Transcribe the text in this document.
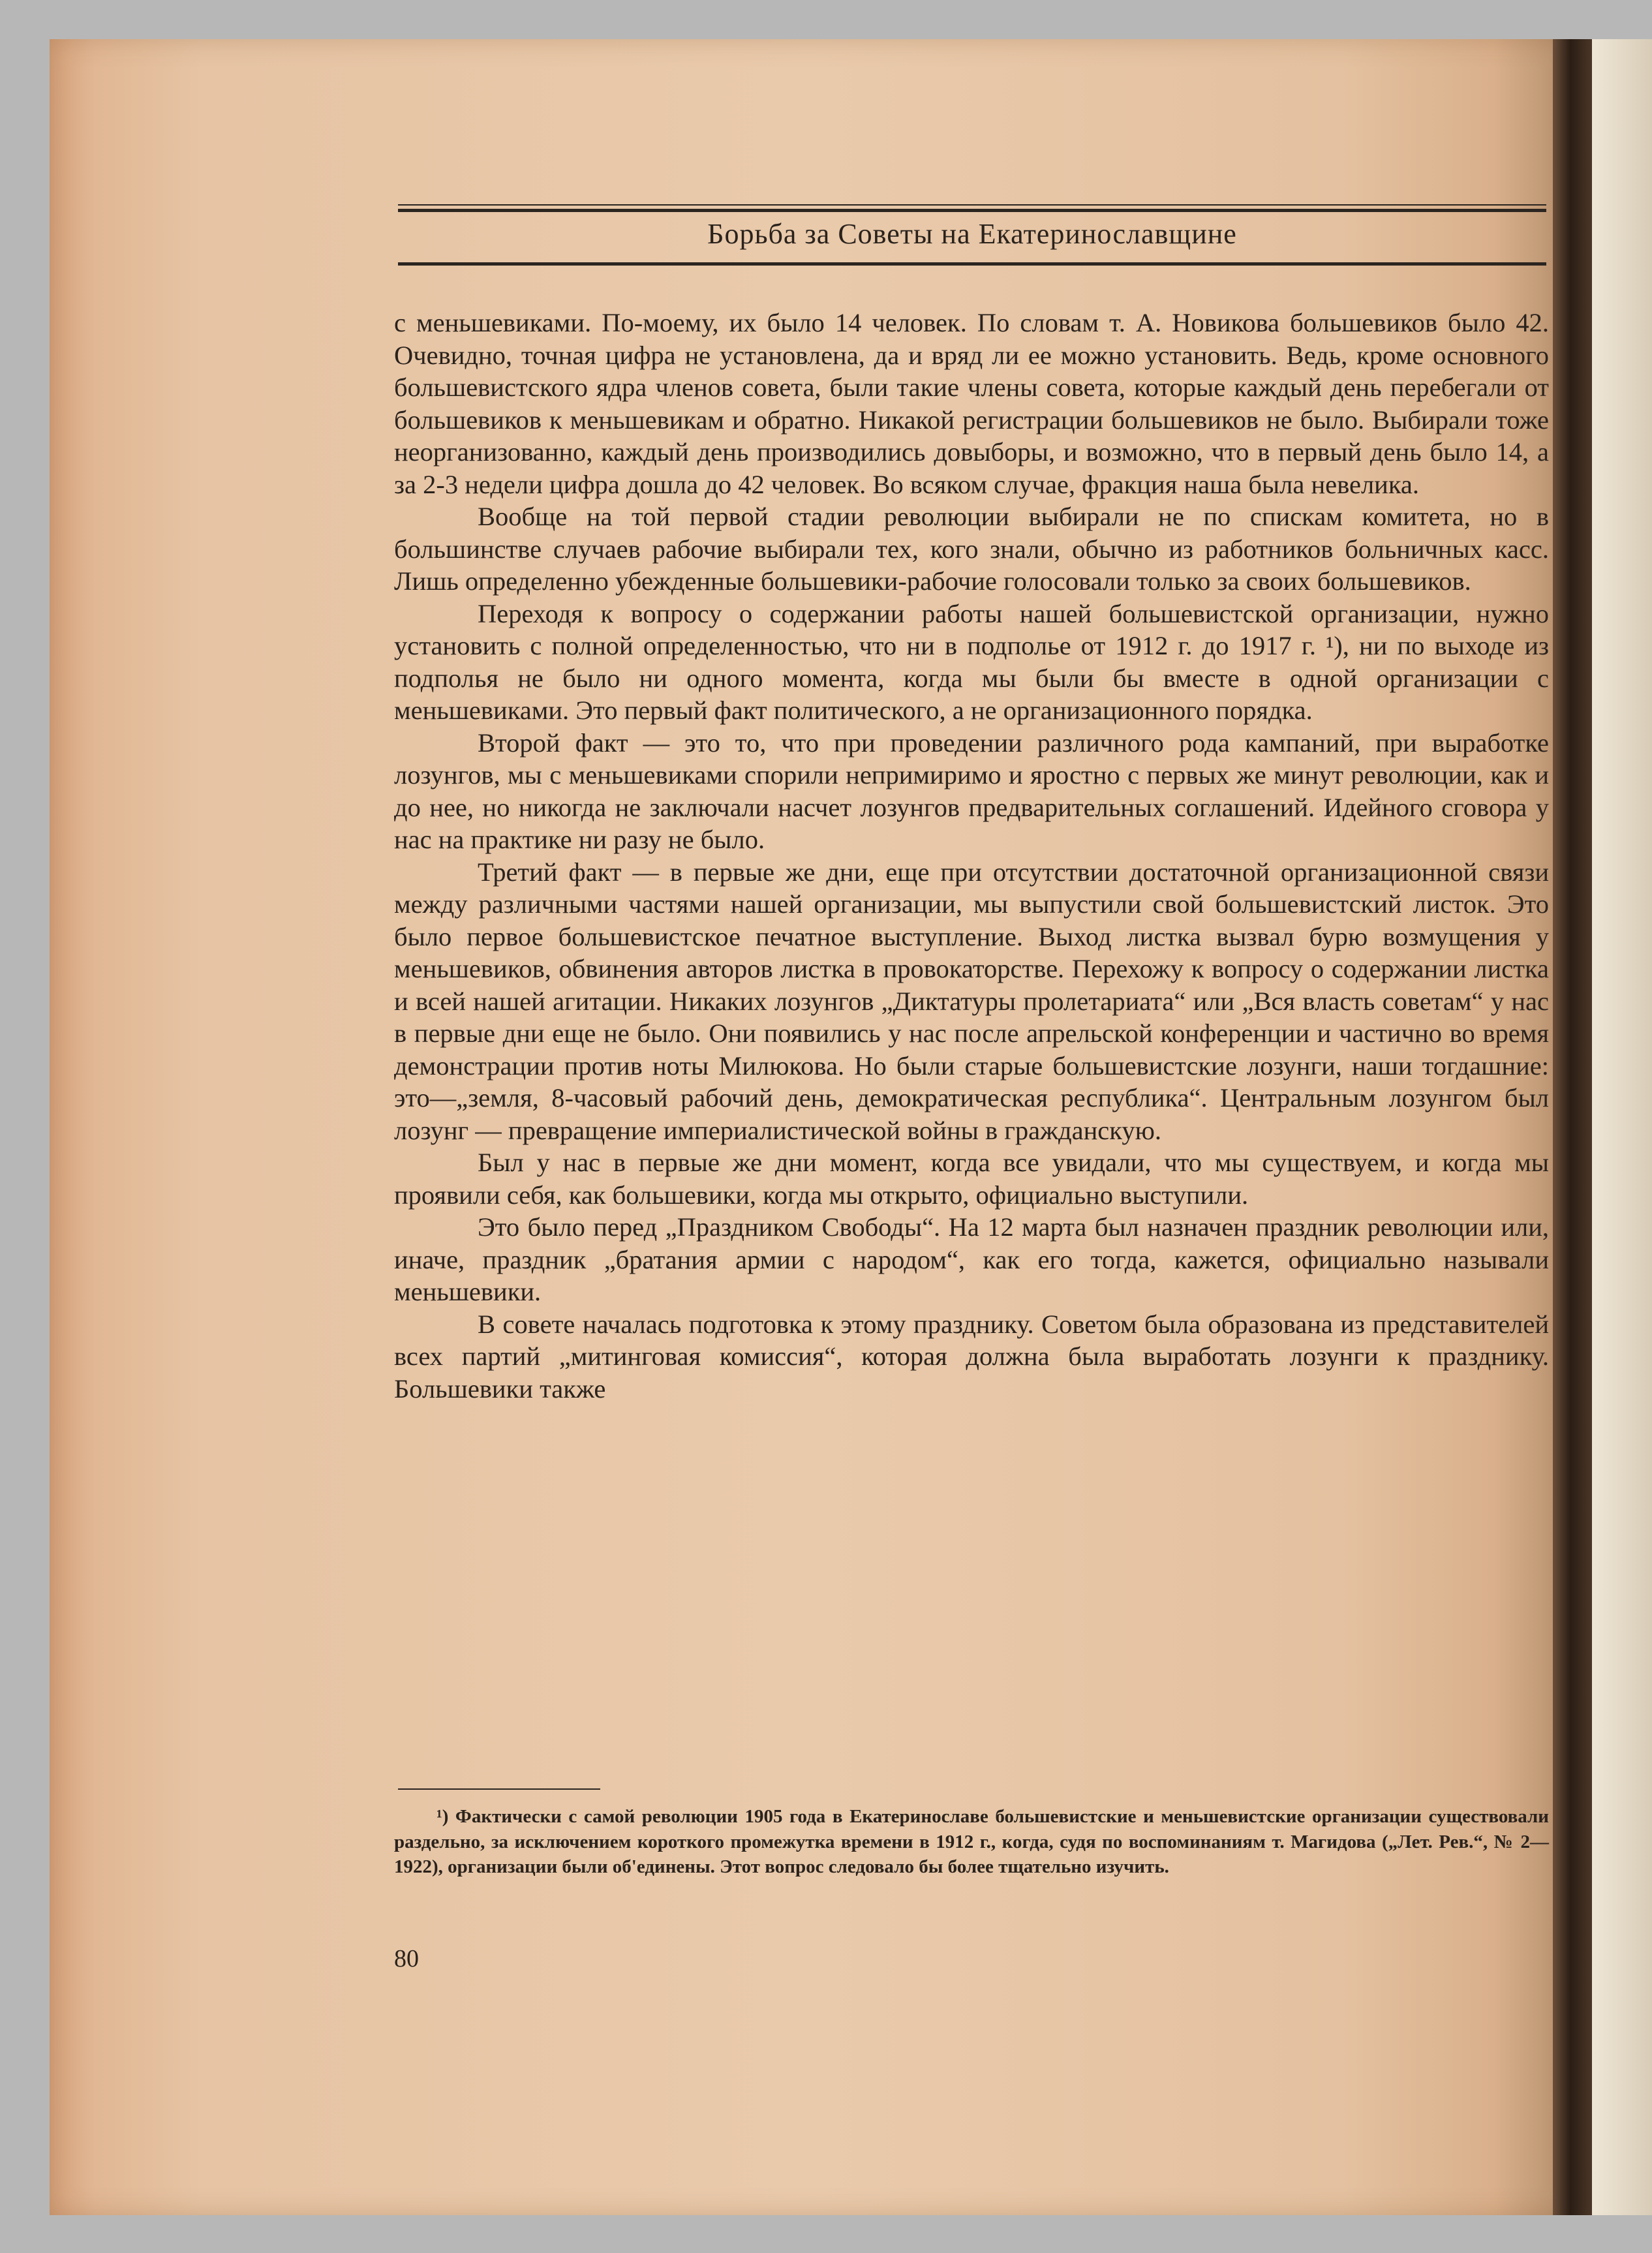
Борьба за Советы на Екатеринославщине

с меньшевиками. По-моему, их было 14 человек. По словам т. А. Новикова большевиков было 42. Очевидно, точная цифра не установлена, да и вряд ли ее можно установить. Ведь, кроме основного большевистского ядра членов совета, были такие члены совета, которые каждый день перебегали от большевиков к меньшевикам и обратно. Никакой регистрации большевиков не было. Выбирали тоже неорганизованно, каждый день производились довыборы, и возможно, что в первый день было 14, а за 2-3 недели цифра дошла до 42 человек. Во всяком случае, фракция наша была невелика.

Вообще на той первой стадии революции выбирали не по спискам комитета, но в большинстве случаев рабочие выбирали тех, кого знали, обычно из работников больничных касс. Лишь определенно убежденные большевики-рабочие голосовали только за своих большевиков.

Переходя к вопросу о содержании работы нашей большевистской организации, нужно установить с полной определенностью, что ни в подполье от 1912 г. до 1917 г. ¹), ни по выходе из подполья не было ни одного момента, когда мы были бы вместе в одной организации с меньшевиками. Это первый факт политического, а не организационного порядка.

Второй факт — это то, что при проведении различного рода кампаний, при выработке лозунгов, мы с меньшевиками спорили непримиримо и яростно с первых же минут революции, как и до нее, но никогда не заключали насчет лозунгов предварительных соглашений. Идейного сговора у нас на практике ни разу не было.

Третий факт — в первые же дни, еще при отсутствии достаточной организационной связи между различными частями нашей организации, мы выпустили свой большевистский листок. Это было первое большевистское печатное выступление. Выход листка вызвал бурю возмущения у меньшевиков, обвинения авторов листка в провокаторстве. Перехожу к вопросу о содержании листка и всей нашей агитации. Никаких лозунгов „Диктатуры пролетариата“ или „Вся власть советам“ у нас в первые дни еще не было. Они появились у нас после апрельской конференции и частично во время демонстрации против ноты Милюкова. Но были старые большевистские лозунги, наши тогдашние: это—„земля, 8-часовый рабочий день, демократическая республика“. Центральным лозунгом был лозунг — превращение империалистической войны в гражданскую.

Был у нас в первые же дни момент, когда все увидали, что мы существуем, и когда мы проявили себя, как большевики, когда мы открыто, официально выступили.

Это было перед „Праздником Свободы“. На 12 марта был назначен праздник революции или, иначе, праздник „братания армии с народом“, как его тогда, кажется, официально называли меньшевики.

В совете началась подготовка к этому празднику. Советом была образована из представителей всех партий „митинговая комиссия“, которая должна была выработать лозунги к празднику. Большевики также

¹) Фактически с самой революции 1905 года в Екатеринославе большевистские и меньшевистские организации существовали раздельно, за исключением короткого промежутка времени в 1912 г., когда, судя по воспоминаниям т. Магидова („Лет. Рев.“, № 2—1922), организации были об'единены. Этот вопрос следовало бы более тщательно изучить.

80
